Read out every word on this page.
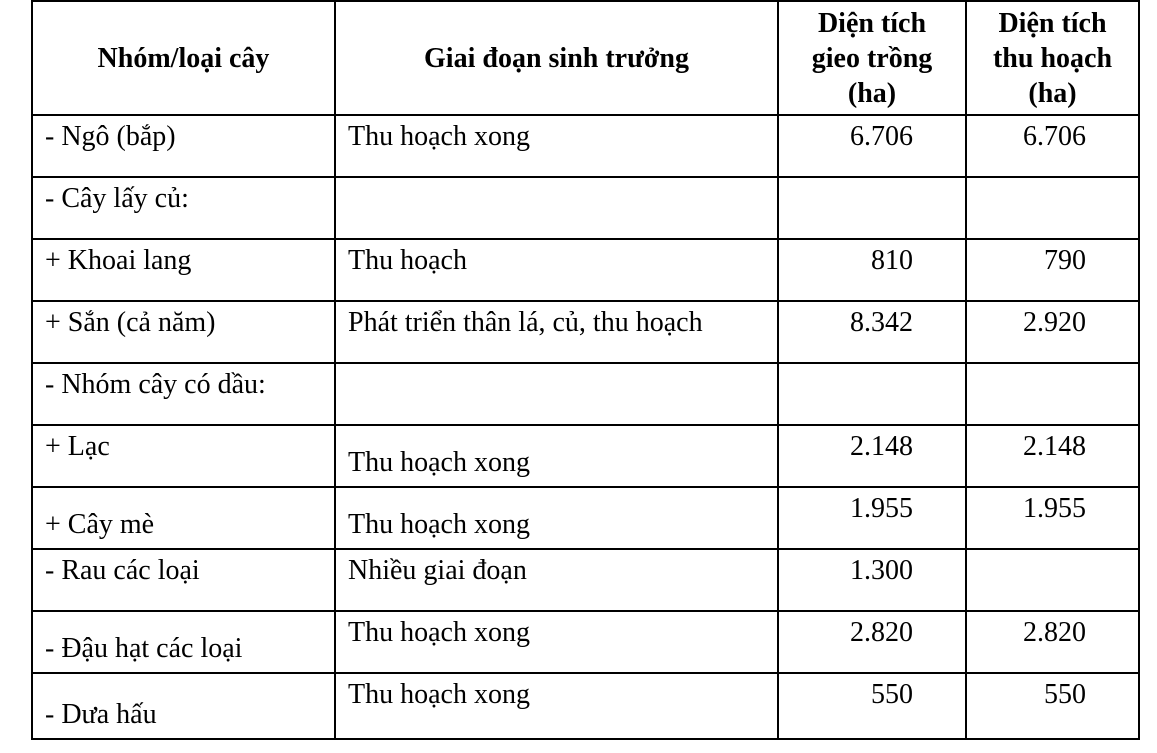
Nhóm/loại cây	Giai đoạn sinh trưởng	Diện tích gieo trồng (ha)	Diện tích thu hoạch (ha)
- Ngô (bắp)	Thu hoạch xong	6.706	6.706
- Cây lấy củ:			
+ Khoai lang	Thu hoạch	810	790
+ Sắn (cả năm)	Phát triển thân lá, củ, thu hoạch	8.342	2.920
- Nhóm cây có dầu:			
+ Lạc	Thu hoạch xong	2.148	2.148
+ Cây mè	Thu hoạch xong	1.955	1.955
- Rau các loại	Nhiều giai đoạn	1.300	
- Đậu hạt các loại	Thu hoạch xong	2.820	2.820
- Dưa hấu	Thu hoạch xong	550	550
